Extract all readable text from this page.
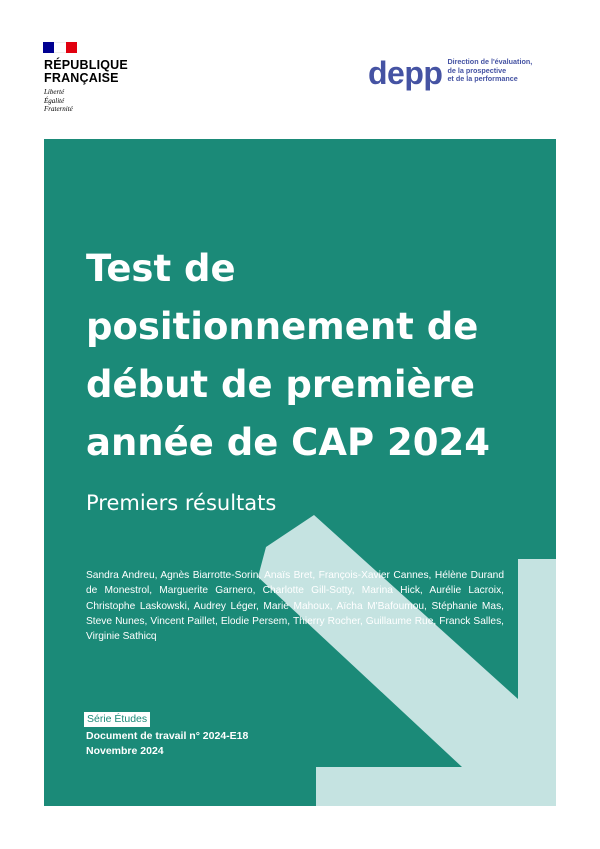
RÉPUBLIQUE
FRANÇAISE
Liberté
Égalité
Fraternité
depp Direction de l'évaluation,
de la prospective
et de la performance
Test de
positionnement de
début de première
année de CAP 2024

Premiers résultats

Sandra Andreu, Agnès Biarrotte-Sorin, Anaïs Bret, François-Xavier Cannes, Hélène Durand de Monestrol, Marguerite Garnero, Charlotte Gill-Sotty, Marina Hick, Aurélie Lacroix, Christophe Laskowski, Audrey Léger, Marie Mahoux, Aïcha M'Bafoumou, Stéphanie Mas, Steve Nunes, Vincent Paillet, Elodie Persem, Thierry Rocher, Guillaume Rue, Franck Salles, Virginie Sathicq

Série Études
Document de travail n° 2024-E18
Novembre 2024
